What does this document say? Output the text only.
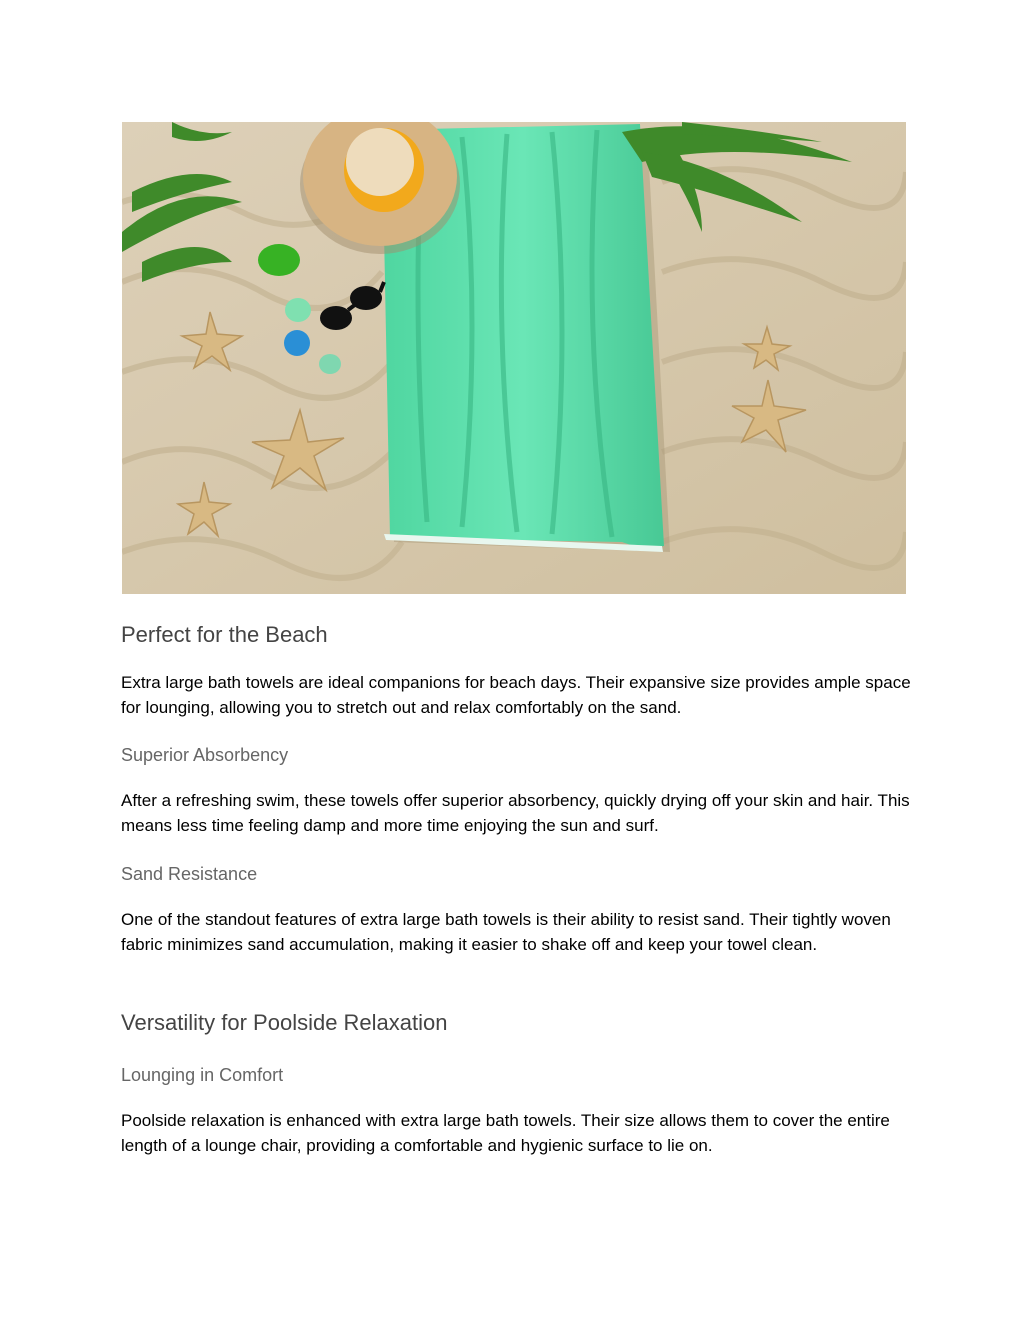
Perfect for the Beach

Extra large bath towels are ideal companions for beach days. Their expansive size provides ample space for lounging, allowing you to stretch out and relax comfortably on the sand.

Superior Absorbency

After a refreshing swim, these towels offer superior absorbency, quickly drying off your skin and hair. This means less time feeling damp and more time enjoying the sun and surf.

Sand Resistance

One of the standout features of extra large bath towels is their ability to resist sand. Their tightly woven fabric minimizes sand accumulation, making it easier to shake off and keep your towel clean.

Versatility for Poolside Relaxation
Lounging in Comfort

Poolside relaxation is enhanced with extra large bath towels. Their size allows them to cover the entire length of a lounge chair, providing a comfortable and hygienic surface to lie on.
